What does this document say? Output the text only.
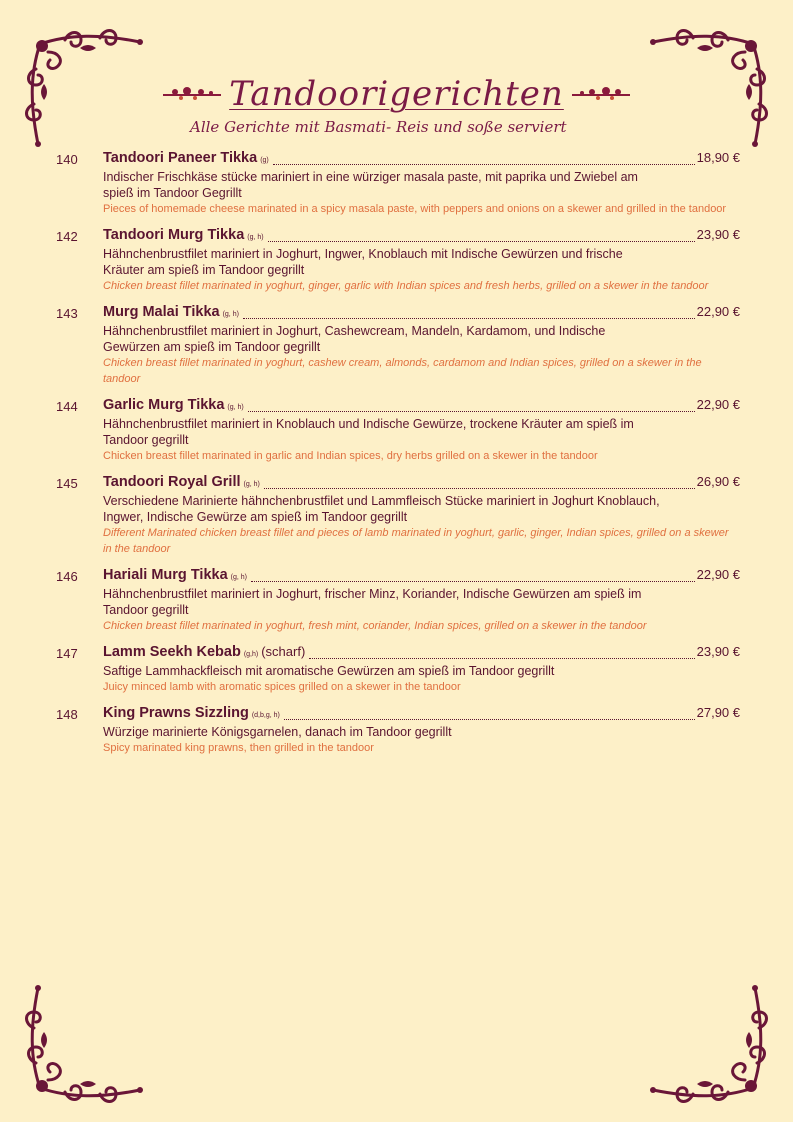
Tandoorigerichten
Alle Gerichte mit Basmati- Reis und soße serviert
140 Tandoori Paneer Tikka (g)	18,90 €
Indischer Frischkäse stücke mariniert in eine würziger masala paste, mit paprika und Zwiebel am spieß im Tandoor Gegrillt
Pieces of homemade cheese marinated in a spicy masala paste, with peppers and onions on a skewer and grilled in the tandoor
142 Tandoori Murg Tikka (g, h)	23,90 €
Hähnchenbrustfilet mariniert in Joghurt, Ingwer, Knoblauch mit Indische Gewürzen und frische Kräuter am spieß im Tandoor gegrillt
Chicken breast fillet marinated in yoghurt, ginger, garlic with Indian spices and fresh herbs, grilled on a skewer in the tandoor
143 Murg Malai Tikka (g, h)	22,90 €
Hähnchenbrustfilet mariniert in Joghurt, Cashewcream, Mandeln, Kardamom, und Indische Gewürzen am spieß im Tandoor gegrillt
Chicken breast fillet marinated in yoghurt, cashew cream, almonds, cardamom and Indian spices, grilled on a skewer in the tandoor
144 Garlic Murg Tikka (g, h)	22,90 €
Hähnchenbrustfilet mariniert in Knoblauch und Indische Gewürze, trockene Kräuter am spieß im Tandoor gegrillt
Chicken breast fillet marinated in garlic and Indian spices, dry herbs grilled on a skewer in the tandoor
145 Tandoori Royal Grill (g, h)	26,90 €
Verschiedene Marinierte hähnchenbrustfilet und Lammfleisch Stücke mariniert in Joghurt Knoblauch, Ingwer, Indische Gewürze am spieß im Tandoor gegrillt
Different Marinated chicken breast fillet and pieces of lamb marinated in yoghurt, garlic, ginger, Indian spices, grilled on a skewer in the tandoor
146 Hariali Murg Tikka (g, h)	22,90 €
Hähnchenbrustfilet mariniert in Joghurt, frischer Minz, Koriander, Indische Gewürzen am spieß im Tandoor gegrillt
Chicken breast fillet marinated in yoghurt, fresh mint, coriander, Indian spices, grilled on a skewer in the tandoor
147 Lamm Seekh Kebab (g,h) (scharf)	23,90 €
Saftige Lammhackfleisch mit aromatische Gewürzen am spieß im Tandoor gegrillt
Juicy minced lamb with aromatic spices grilled on a skewer in the tandoor
148 King Prawns Sizzling (d,b,g, h)	27,90 €
Würzige marinierte Königsgarnelen, danach im Tandoor gegrillt
Spicy marinated king prawns, then grilled in the tandoor
